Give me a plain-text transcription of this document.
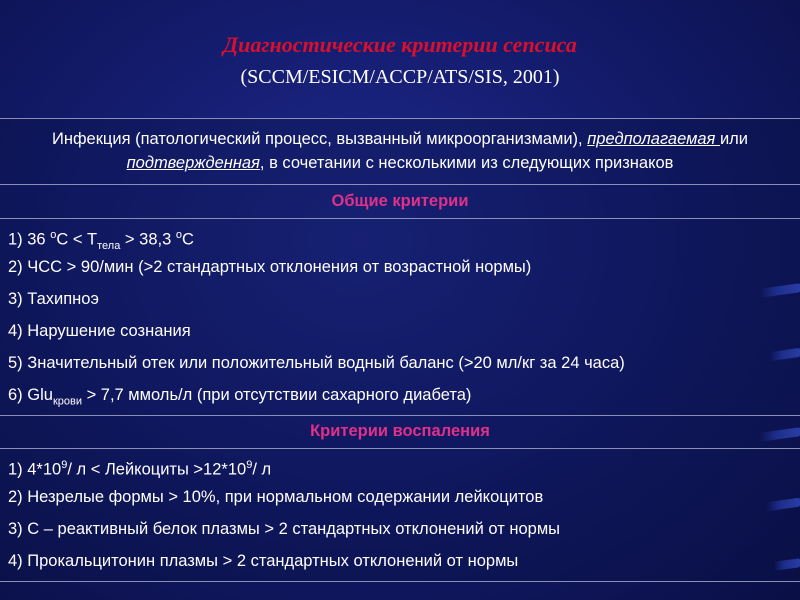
Диагностические критерии сепсиса
(SCCM/ESICM/ACCP/ATS/SIS, 2001)
Инфекция (патологический процесс, вызванный микроорганизмами), предполагаемая или
подтвержденная, в сочетании с несколькими из следующих признаков
Общие критерии
1) 36 $^оС < Т_{тела} > 38,3$ $^о$С
2) ЧСС > 90/мин (>2 стандартных отклонения от возрастной нормы)
3) Тахипноэ
4) Нарушение сознания
5) Значительный отек или положительный водный баланс (>20 мл/кг за 24 часа)
6) Glu$_{крови}$ > 7,7 ммоль/л (при отсутствии сахарного диабета)
Критерии воспаления
1) $4*10^9/$ л < Лейкоциты $>12*10^9/$ л
2) Незрелые формы > 10%, при нормальном содержании лейкоцитов
3) С – реактивный белок плазмы > 2 стандартных отклонений от нормы
4) Прокальцитонин плазмы > 2 стандартных отклонений от нормы
